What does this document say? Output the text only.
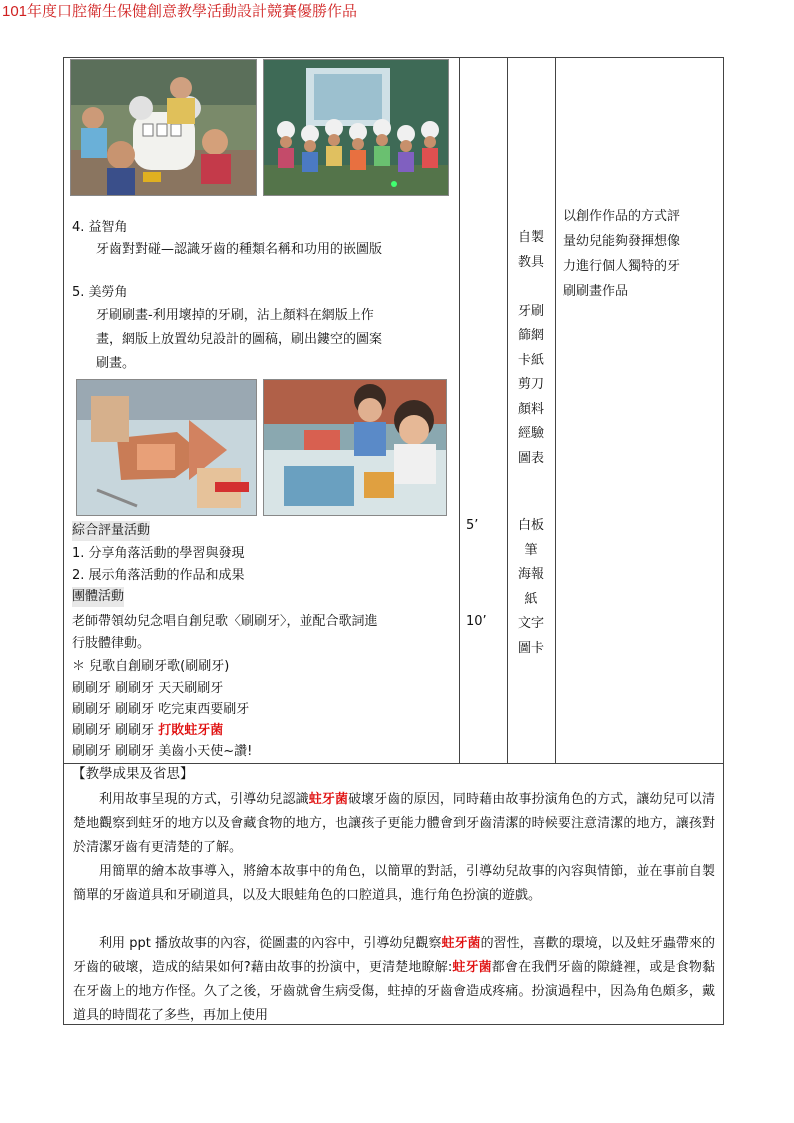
101年度口腔衛生保健創意教學活動設計競賽優勝作品
4. 益智角
牙齒對對碰—認識牙齒的種類名稱和功用的嵌圖版
5. 美勞角
牙刷刷畫-利用壞掉的牙刷，沾上顏料在網版上作
畫，網版上放置幼兒設計的圖稿，刷出鏤空的圖案
刷畫。
綜合評量活動
1. 分享角落活動的學習與發現
2. 展示角落活動的作品和成果
團體活動
老師帶領幼兒念唱自創兒歌〈刷刷牙〉，並配合歌詞進
行肢體律動。
＊ 兒歌自創刷牙歌(刷刷牙)
刷刷牙 刷刷牙 天天刷刷牙
刷刷牙 刷刷牙 吃完東西要刷牙
刷刷牙 刷刷牙 打敗蛀牙菌
刷刷牙 刷刷牙 美齒小天使~讚!
5’
10’
自製
教具

牙刷
篩網
卡紙
剪刀
顏料
經驗
圖表
白板
筆
海報
紙
文字
圖卡
以創作作品的方式評
量幼兒能夠發揮想像
力進行個人獨特的牙
刷刷畫作品
【教學成果及省思】
利用故事呈現的方式，引導幼兒認識蛀牙菌破壞牙齒的原因，同時藉由故事扮演角色的方式，讓幼兒可以清楚地觀察到蛀牙的地方以及會藏食物的地方，也讓孩子更能力體會到牙齒清潔的時候要注意清潔的地方，讓孩對於清潔牙齒有更清楚的了解。
用簡單的繪本故事導入，將繪本故事中的角色，以簡單的對話，引導幼兒故事的內容與情節，並在事前自製簡單的牙齒道具和牙刷道具，以及大眼蛙角色的口腔道具，進行角色扮演的遊戲。
利用 ppt 播放故事的內容，從圖畫的內容中，引導幼兒觀察蛀牙菌的習性，喜歡的環境，以及蛀牙蟲帶來的牙齒的破壞，造成的結果如何?藉由故事的扮演中，更清楚地瞭解:蛀牙菌都會在我們牙齒的隙縫裡，或是食物黏在牙齒上的地方作怪。久了之後，牙齒就會生病受傷，蛀掉的牙齒會造成疼痛。扮演過程中，因為角色頗多，戴道具的時間花了多些，再加上使用
